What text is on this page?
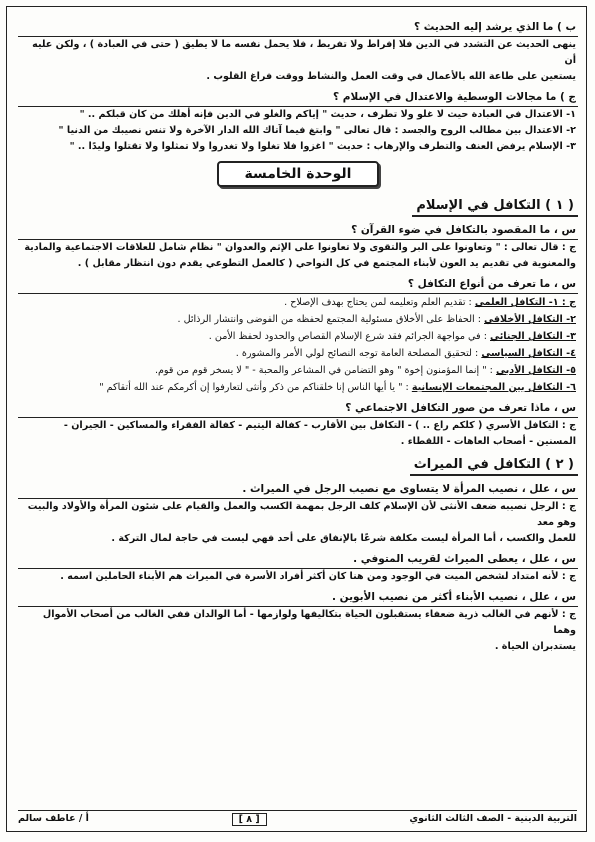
ب ) ما الذي يرشد إليه الحديث ؟

ينهى الحديث عن التشدد في الدين فلا إفراط ولا تفريط ، فلا يحمل نفسه ما لا يطيق ( حتى في العبادة ) ، ولكن عليه أن

يستعين على طاعة الله بالأعمال في وقت العمل والنشاط ووقت فراغ القلوب .

ج ) ما مجالات الوسطية والاعتدال في الإسلام ؟

١- الاعتدال في العبادة حيث لا غلو ولا تطرف ، حديث " إياكم والغلو في الدين فإنه أهلك من كان قبلكم .. "

٢- الاعتدال بين مطالب الروح والجسد : قال تعالى " وابتغ فيما آتاك الله الدار الآخرة ولا تنس نصيبك من الدنيا "

٣- الإسلام يرفض العنف والتطرف والإرهاب : حديث " اغزوا فلا تغلوا ولا تغدروا ولا تمثلوا ولا تقتلوا وليدًا .. "

الوحدة الخامسة
( ١ ) التكافل في الإسلام

س ، ما المقصود بالتكافل في ضوء القرآن ؟

ج : قال تعالى : " وتعاونوا على البر والتقوى ولا تعاونوا على الإثم والعدوان " نظام شامل للعلاقات الاجتماعية والمادية

والمعنوية في تقديم يد العون لأبناء المجتمع في كل النواحي ( كالعمل التطوعي يقدم دون انتظار مقابل ) .

س ، ما تعرف من أنواع التكافل ؟

ج : ١- التكافل العلمي : تقديم العلم وتعليمه لمن يحتاج بهدف الإصلاح .

٢- التكافل الأخلاقي : الحفاظ على الأخلاق مسئولية المجتمع لحفظه من الفوضى وانتشار الرذائل .

٣- التكافل الجنائي : في مواجهة الجرائم فقد شرع الإسلام القصاص والحدود لحفظ الأمن .

٤- التكافل السياسي : لتحقيق المصلحة العامة توجه النصائح لولي الأمر والمشورة .

٥- التكافل الأدبي : " إنما المؤمنون إخوة " وهو التضامن في المشاعر والمحبة - " لا يسخر قوم من قوم.

٦- التكافل بين المجتمعات الإنسانية : " يا أيها الناس إنا خلقناكم من ذكر وأنثى لتعارفوا إن أكرمكم عند الله أتقاكم "

س ، ماذا تعرف من صور التكافل الاجتماعي ؟

ج : التكافل الأسري ( كلكم راع .. ) - التكافل بين الأقارب - كفالة اليتيم - كفالة الفقراء والمساكين - الجيران -

المسنين - أصحاب العاهات - اللقطاء .

( ٢ ) التكافل في الميراث

س ، علل ، نصيب المرأة لا يتساوى مع نصيب الرجل في الميراث .

ج : الرجل نصيبه ضعف الأنثى لأن الإسلام كلف الرجل بمهمة الكسب والعمل والقيام على شئون المرأة والأولاد والبيت وهو معد

للعمل والكسب ، أما المرأة ليست مكلفة شرعًا بالإنفاق على أحد فهي ليست في حاجة لمال التركة .

س ، علل ، يعطى الميراث لقريب المتوفي .

ج : لأنه امتداد لشخص الميت في الوجود ومن هنا كان أكثر أفراد الأسرة في الميراث هم الأبناء الحاملين اسمه .

س ، علل ، نصيب الأبناء أكثر من نصيب الأبوين .

ج : لأنهم في الغالب ذرية ضعفاء يستقبلون الحياة بتكاليفها ولوازمها - أما الوالدان ففي الغالب من أصحاب الأموال وهما

يستدبران الحياة .

التربية الدينية - الصف الثالث الثانوي
[ ٨ ]
أ / عاطف سالم
